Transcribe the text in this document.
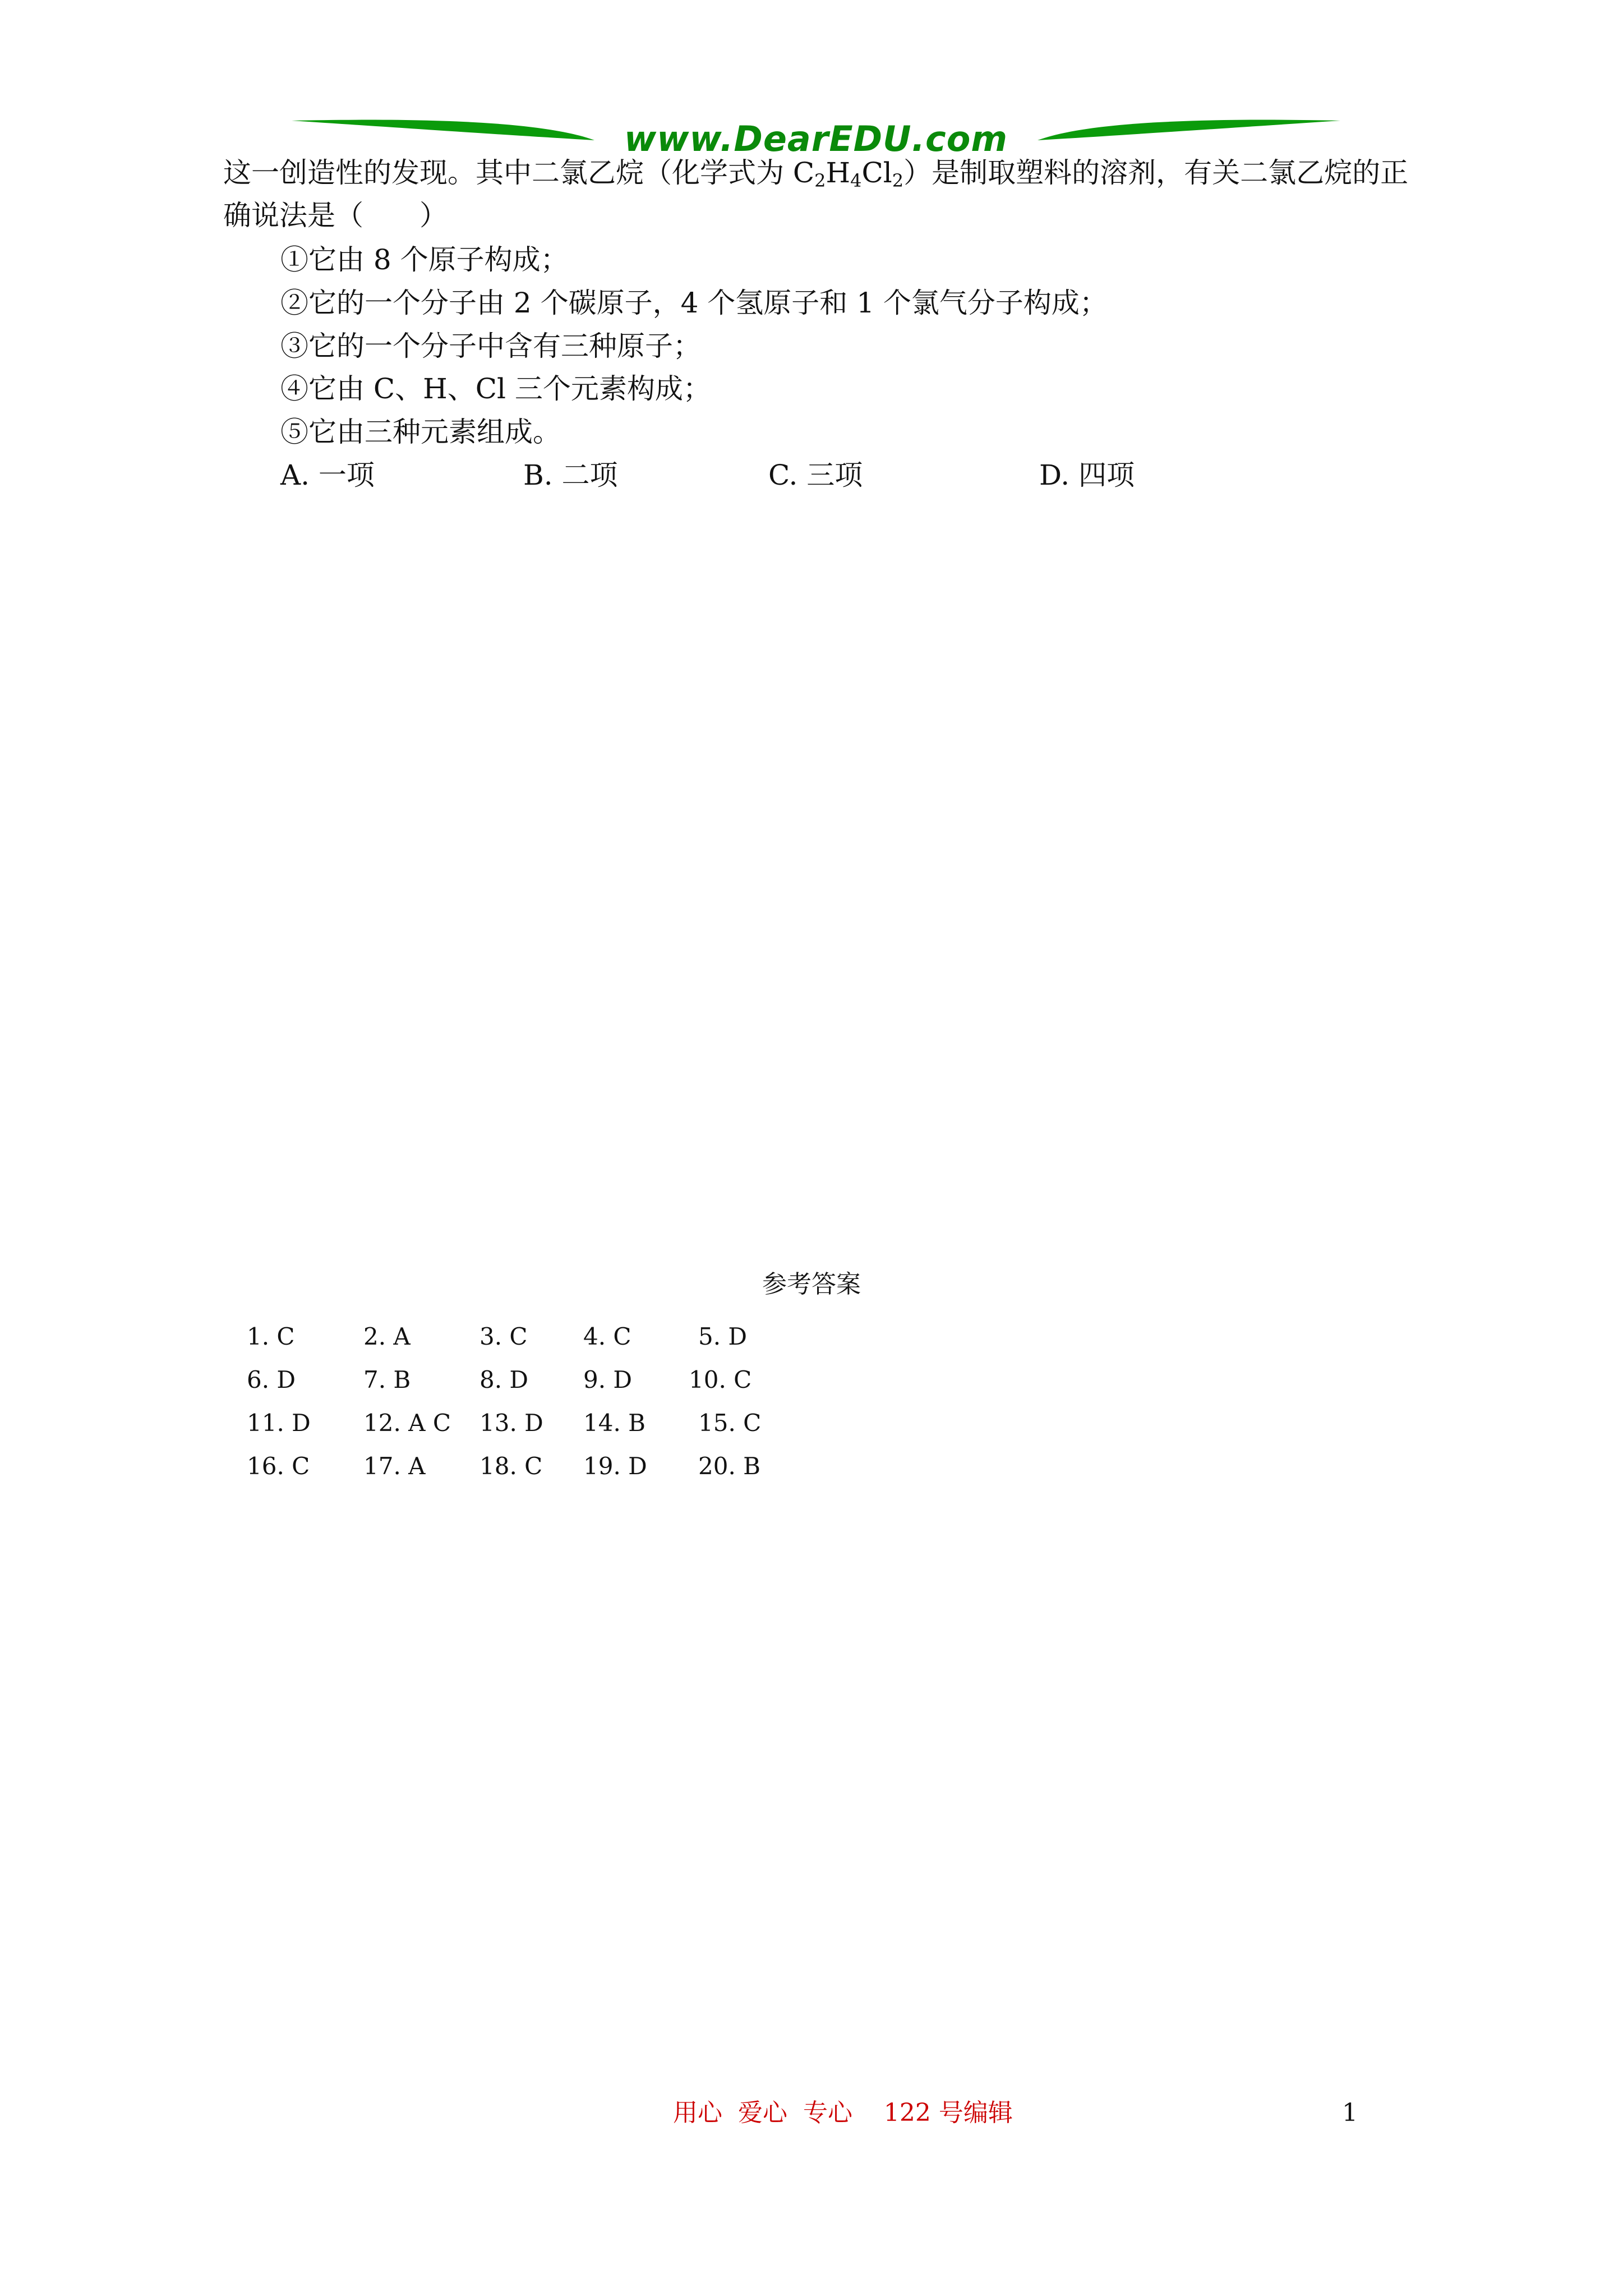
www.DearEDU.com
这一创造性的发现。其中二氯乙烷（化学式为 $C_2H_4Cl_2$）是制取塑料的溶剂，有关二氯乙烷的正
确说法是（　　）
①它由 8 个原子构成；
②它的一个分子由 2 个碳原子，4 个氢原子和 1 个氯气分子构成；
③它的一个分子中含有三种原子；
④它由 C、H、Cl 三个元素构成；
⑤它由三种元素组成。
A. 一项	B. 二项	C. 三项	D. 四项
参考答案
1. C	2. A	3. C 4. C	5. D
6. D	7. B	8. D 9. D 10. C
11. D 12. A C 13. D 14. B 15. C
16. C 17. A 18. C 19. D 20. B
用心  爱心  专心    122 号编辑	1
